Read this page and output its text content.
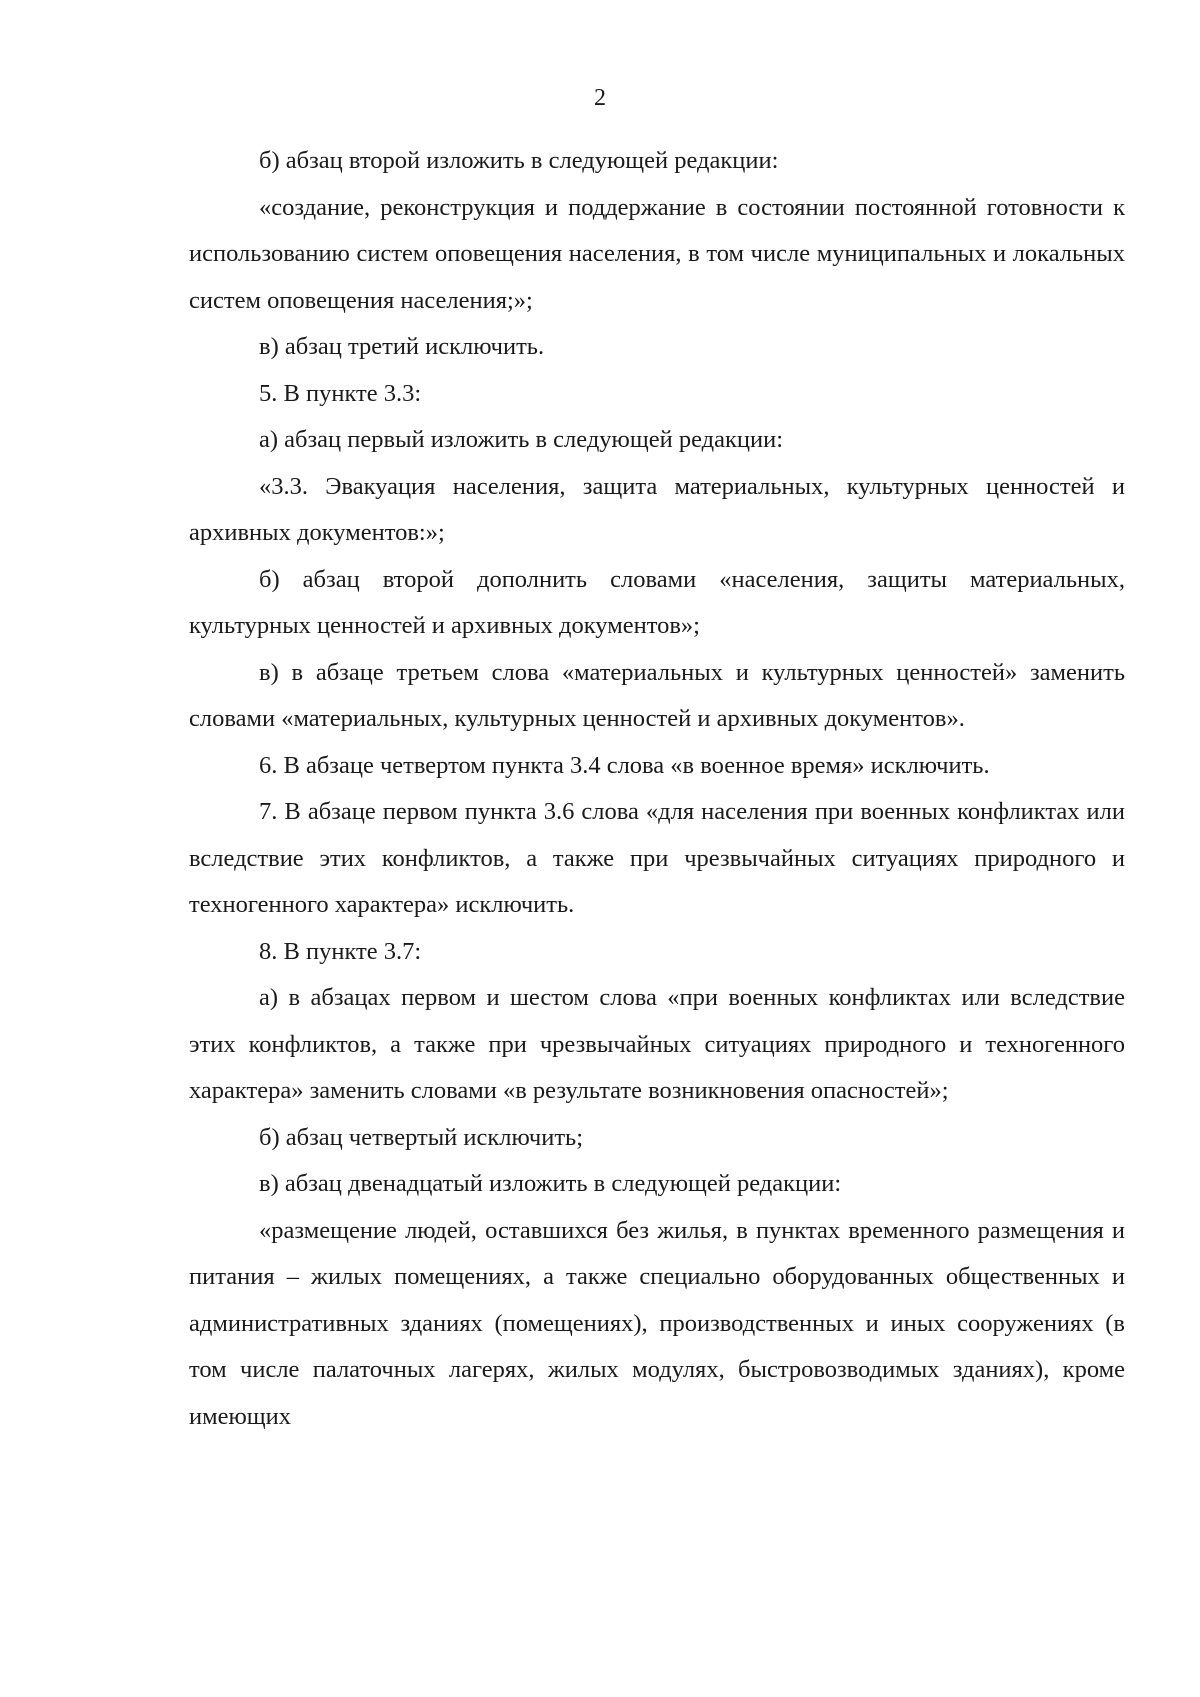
2

б) абзац второй изложить в следующей редакции:

«создание, реконструкция и поддержание в состоянии постоянной готовности к использованию систем оповещения населения, в том числе муниципальных и локальных систем оповещения населения;»;

в) абзац третий исключить.

5. В пункте 3.3:

а) абзац первый изложить в следующей редакции:

«3.3. Эвакуация населения, защита материальных, культурных ценностей и архивных документов:»;

б) абзац второй дополнить словами «населения, защиты материальных, культурных ценностей и архивных документов»;

в) в абзаце третьем слова «материальных и культурных ценностей» заменить словами «материальных, культурных ценностей и архивных документов».

6. В абзаце четвертом пункта 3.4 слова «в военное время» исключить.

7. В абзаце первом пункта 3.6 слова «для населения при военных конфликтах или вследствие этих конфликтов, а также при чрезвычайных ситуациях природного и техногенного характера» исключить.

8. В пункте 3.7:

а) в абзацах первом и шестом слова «при военных конфликтах или вследствие этих конфликтов, а также при чрезвычайных ситуациях природного и техногенного характера» заменить словами «в результате возникновения опасностей»;

б) абзац четвертый исключить;

в) абзац двенадцатый изложить в следующей редакции:

«размещение людей, оставшихся без жилья, в пунктах временного размещения и питания – жилых помещениях, а также специально оборудованных общественных и административных зданиях (помещениях), производственных и иных сооружениях (в том числе палаточных лагерях, жилых модулях, быстровозводимых зданиях), кроме имеющих
